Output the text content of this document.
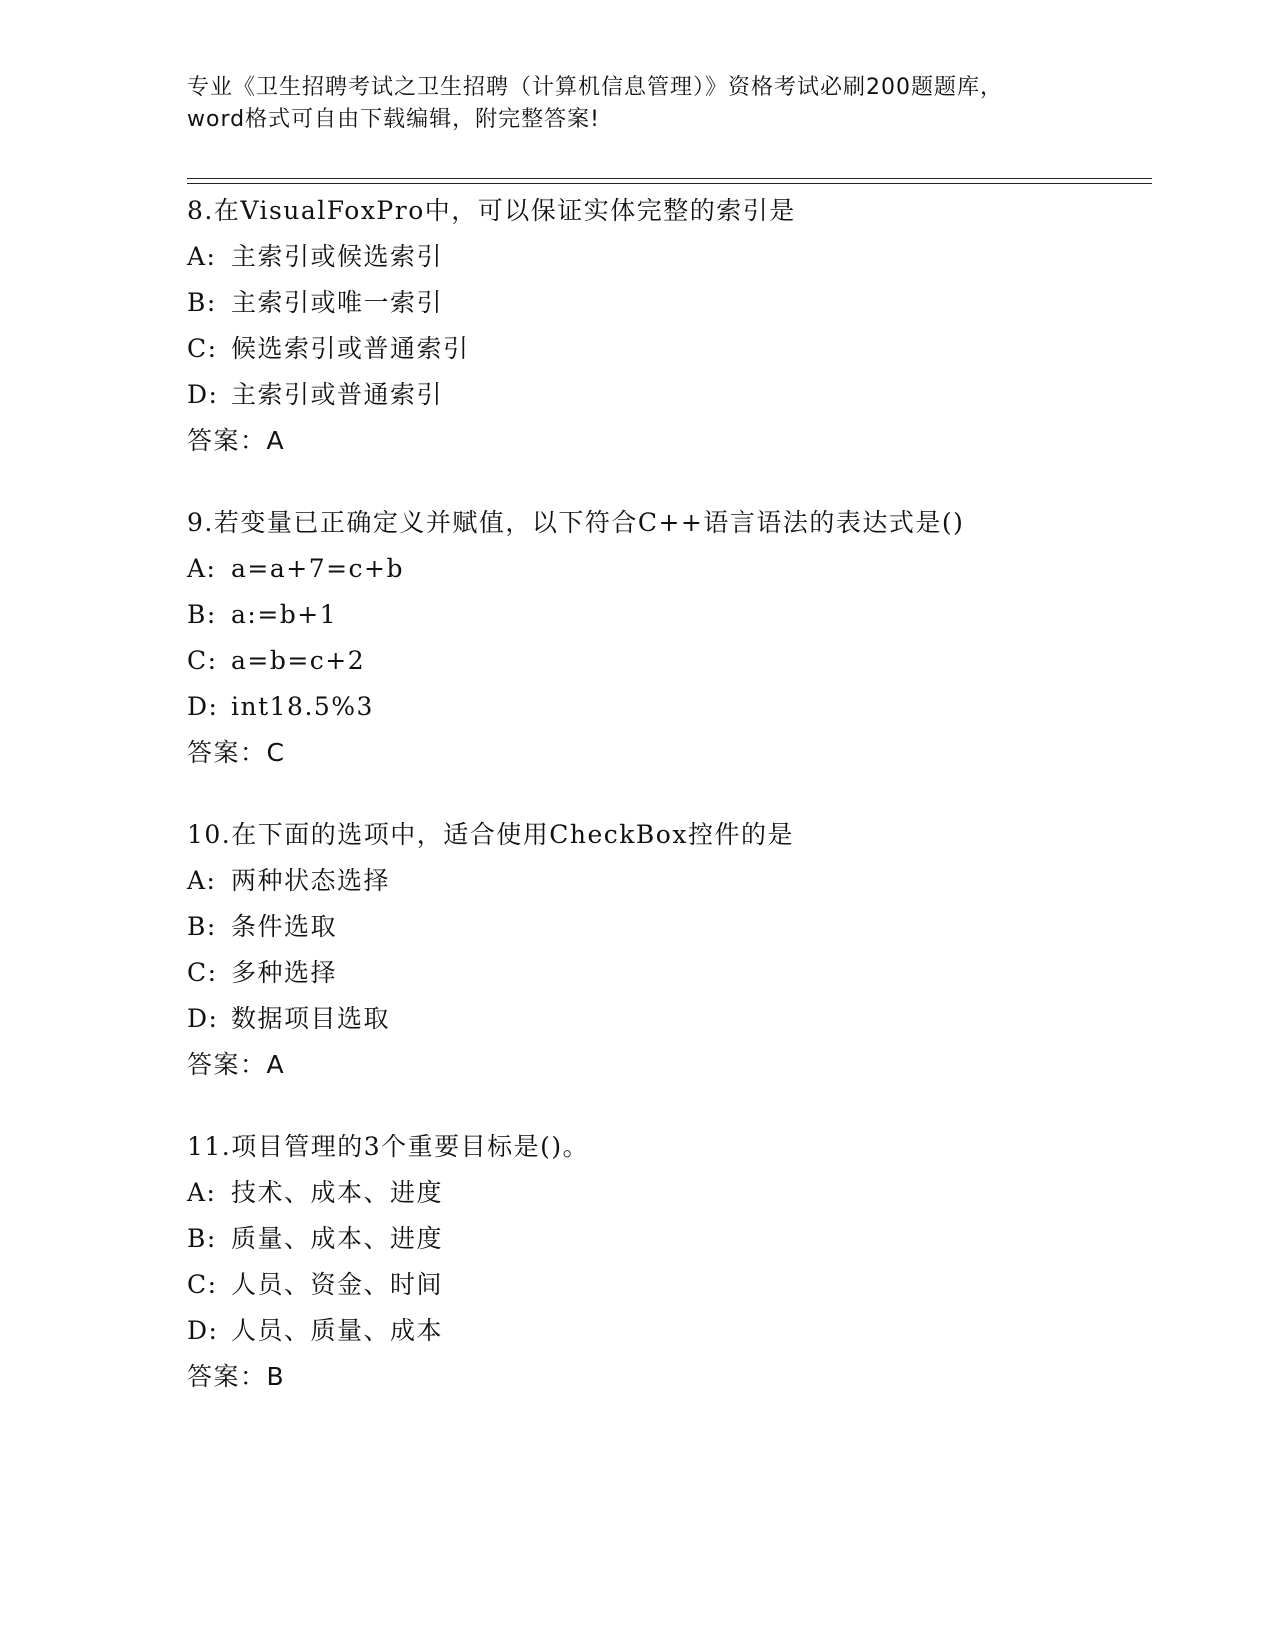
专业《卫生招聘考试之卫生招聘（计算机信息管理）》资格考试必刷200题题库，

word格式可自由下载编辑，附完整答案!

8.在VisualFoxPro中，可以保证实体完整的索引是
A: 主索引或候选索引
B: 主索引或唯一索引
C: 候选索引或普通索引
D: 主索引或普通索引
答案：A
9.若变量已正确定义并赋值，以下符合C++语言语法的表达式是()
A: a=a+7=c+b
B: a:=b+1
C: a=b=c+2
D: int18.5%3
答案：C
10.在下面的选项中，适合使用CheckBox控件的是
A: 两种状态选择
B: 条件选取
C: 多种选择
D: 数据项目选取
答案：A
11.项目管理的3个重要目标是()。
A: 技术、成本、进度
B: 质量、成本、进度
C: 人员、资金、时间
D: 人员、质量、成本
答案：B
